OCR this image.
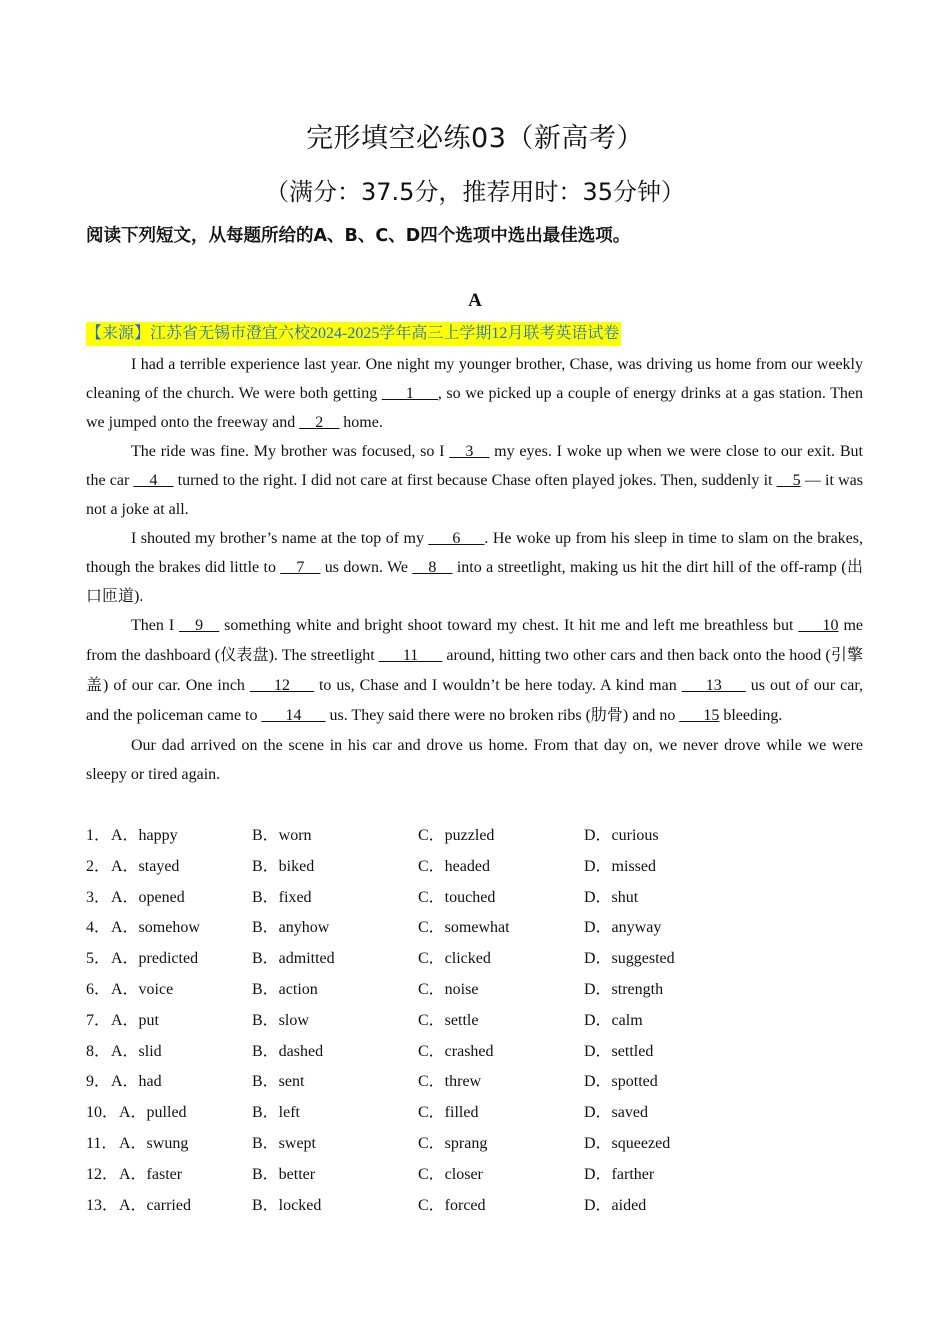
完形填空必练03（新高考）
（满分：37.5分，推荐用时：35分钟）
阅读下列短文，从每题所给的A、B、C、D四个选项中选出最佳选项。
A
【来源】江苏省无锡市澄宜六校2024-2025学年高三上学期12月联考英语试卷

I had a terrible experience last year. One night my younger brother, Chase, was driving us home from our weekly cleaning of the church. We were both getting ___1___, so we picked up a couple of energy drinks at a gas station. Then we jumped onto the freeway and __2__ home.

The ride was fine. My brother was focused, so I __3__ my eyes. I woke up when we were close to our exit. But the car __4__ turned to the right. I did not care at first because Chase often played jokes. Then, suddenly it __5 — it was not a joke at all.

I shouted my brother’s name at the top of my ___6___. He woke up from his sleep in time to slam on the brakes, though the brakes did little to __7__ us down. We __8__ into a streetlight, making us hit the dirt hill of the off-ramp (出口匝道).

Then I __9__ something white and bright shoot toward my chest. It hit me and left me breathless but ___10 me from the dashboard (仪表盘). The streetlight ___11___ around, hitting two other cars and then back onto the hood (引擎盖) of our car. One inch ___12___ to us, Chase and I wouldn’t be here today. A kind man ___13___ us out of our car, and the policeman came to ___14___ us. They said there were no broken ribs (肋骨) and no ___15 bleeding.

Our dad arrived on the scene in his car and drove us home. From that day on, we never drove while we were sleepy or tired again.

1． A．happy	B．worn	C．puzzled	D．curious
2． A．stayed	B．biked	C．headed	D．missed
3． A．opened	B．fixed	C．touched	D．shut
4． A．somehow	B．anyhow	C．somewhat	D．anyway
5． A．predicted	B．admitted	C．clicked	D．suggested
6． A．voice	B．action	C．noise	D．strength
7． A．put	B．slow	C．settle	D．calm
8． A．slid	B．dashed	C．crashed	D．settled
9． A．had	B．sent	C．threw	D．spotted
10． A．pulled	B．left	C．filled	D．saved
11． A．swung	B．swept	C．sprang	D．squeezed
12． A．faster	B．better	C．closer	D．farther
13． A．carried	B．locked	C．forced	D．aided
